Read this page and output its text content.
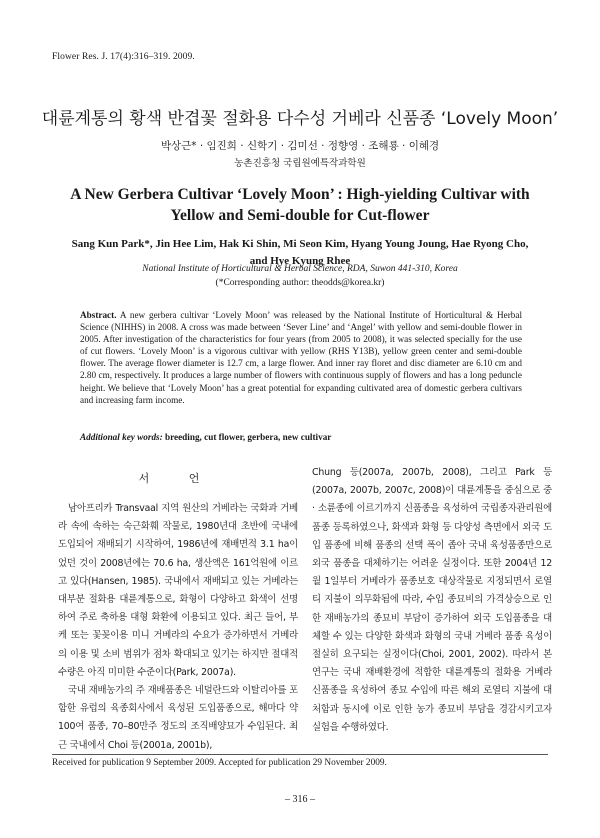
Flower Res. J. 17(4):316–319. 2009.
대륜계통의 황색 반겹꽃 절화용 다수성 거베라 신품종 ‘Lovely Moon’
박상근* · 임진희 · 신학기 · 김미선 · 정향영 · 조해룡 · 이혜경
농촌진흥청 국립원예특작과학원
A New Gerbera Cultivar ‘Lovely Moon’ : High-yielding Cultivar with
Yellow and Semi-double for Cut-flower
Sang Kun Park*, Jin Hee Lim, Hak Ki Shin, Mi Seon Kim, Hyang Young Joung, Hae Ryong Cho,
and Hye Kyung Rhee
National Institute of Horticultural & Herbal Science, RDA, Suwon 441-310, Korea
(*Corresponding author: theodds@korea.kr)
Abstract. A new gerbera cultivar ‘Lovely Moon’ was released by the National Institute of Horticultural & Herbal Science (NIHHS) in 2008. A cross was made between ‘Sever Line’ and ‘Angel’ with yellow and semi-double flower in 2005. After investigation of the characteristics for four years (from 2005 to 2008), it was selected specially for the use of cut flowers. ‘Lovely Moon’ is a vigorous cultivar with yellow (RHS Y13B), yellow green center and semi-double flower. The average flower diameter is 12.7 cm, a large flower. And inner ray floret and disc diameter are 6.10 cm and 2.80 cm, respectively. It produces a large number of flowers with continuous supply of flowers and has a long peduncle height. We believe that ‘Lovely Moon’ has a great potential for expanding cultivated area of domestic gerbera cultivars and increasing farm income.
Additional key words: breeding, cut flower, gerbera, new cultivar
서 언

남아프리카 Transvaal 지역 원산의 거베라는 국화과 거베라 속에 속하는 숙근화훼 작물로, 1980년대 초반에 국내에 도입되어 재배되기 시작하여, 1986년에 재배면적 3.1 ha이었던 것이 2008년에는 70.6 ha, 생산액은 161억원에 이르고 있다(Hansen, 1985). 국내에서 재배되고 있는 거베라는 대부분 절화용 대륜계통으로, 화형이 다양하고 화색이 선명하여 주로 축하용 대형 화환에 이용되고 있다. 최근 들어, 부케 또는 꽃꽂이용 미니 거베라의 수요가 증가하면서 거베라의 이용 및 소비 범위가 점차 확대되고 있기는 하지만 절대적 수량은 아직 미미한 수준이다(Park, 2007a).

국내 재배농가의 주 재배품종은 네덜란드와 이탈리아를 포함한 유럽의 육종회사에서 육성된 도입품종으로, 해마다 약 100여 품종, 70–80만주 정도의 조직배양묘가 수입된다. 최근 국내에서 Choi 등(2001a, 2001b),

Chung 등(2007a, 2007b, 2008), 그리고 Park 등(2007a, 2007b, 2007c, 2008)이 대륜계통을 중심으로 중 · 소륜종에 이르기까지 신품종을 육성하여 국립종자관리원에 품종 등록하였으나, 화색과 화형 등 다양성 측면에서 외국 도입 품종에 비해 품종의 선택 폭이 좁아 국내 육성품종만으로 외국 품종을 대체하기는 어려운 실정이다. 또한 2004년 12월 1일부터 거베라가 품종보호 대상작물로 지정되면서 로열티 지불이 의무화됨에 따라, 수입 종묘비의 가격상승으로 인한 재배농가의 종묘비 부담이 증가하여 외국 도입품종을 대체할 수 있는 다양한 화색과 화형의 국내 거베라 품종 육성이 절실히 요구되는 실정이다(Choi, 2001, 2002). 따라서 본 연구는 국내 재배환경에 적합한 대륜계통의 절화용 거베라 신품종을 육성하여 종묘 수입에 따른 해외 로열티 지불에 대처함과 동시에 이로 인한 농가 종묘비 부담을 경감시키고자 실험을 수행하였다.

Received for publication 9 September 2009. Accepted for publication 29 November 2009.
– 316 –
